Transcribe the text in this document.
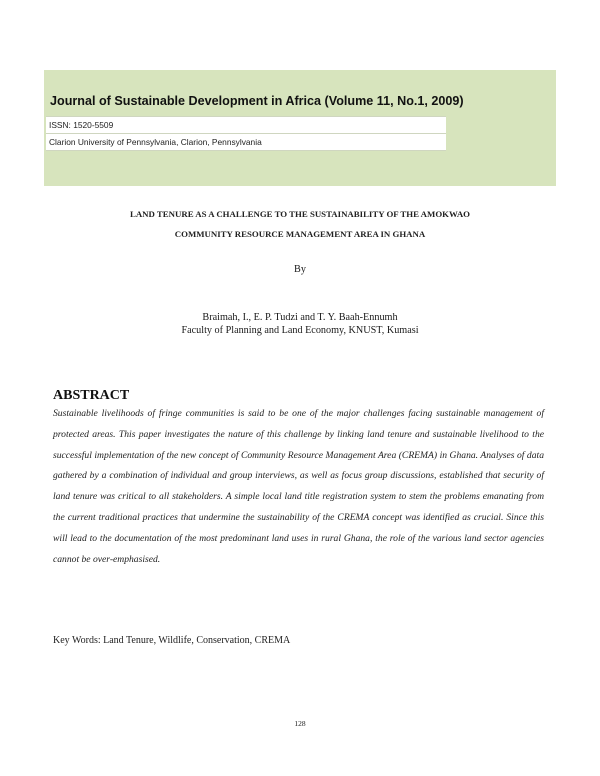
Journal of Sustainable Development in Africa (Volume 11, No.1, 2009)
ISSN: 1520-5509
Clarion University of Pennsylvania, Clarion, Pennsylvania
LAND TENURE AS A CHALLENGE TO THE SUSTAINABILITY OF THE AMOKWAO
COMMUNITY RESOURCE MANAGEMENT AREA IN GHANA
By
Braimah, I., E. P. Tudzi and T. Y. Baah-Ennumh
Faculty of Planning and Land Economy, KNUST, Kumasi
ABSTRACT
Sustainable livelihoods of fringe communities is said to be one of the major challenges facing sustainable management of protected areas. This paper investigates the nature of this challenge by linking land tenure and sustainable livelihood to the successful implementation of the new concept of Community Resource Management Area (CREMA) in Ghana. Analyses of data gathered by a combination of individual and group interviews, as well as focus group discussions, established that security of land tenure was critical to all stakeholders. A simple local land title registration system to stem the problems emanating from the current traditional practices that undermine the sustainability of the CREMA concept was identified as crucial. Since this will lead to the documentation of the most predominant land uses in rural Ghana, the role of the various land sector agencies cannot be over-emphasised.
Key Words: Land Tenure, Wildlife, Conservation, CREMA
128
